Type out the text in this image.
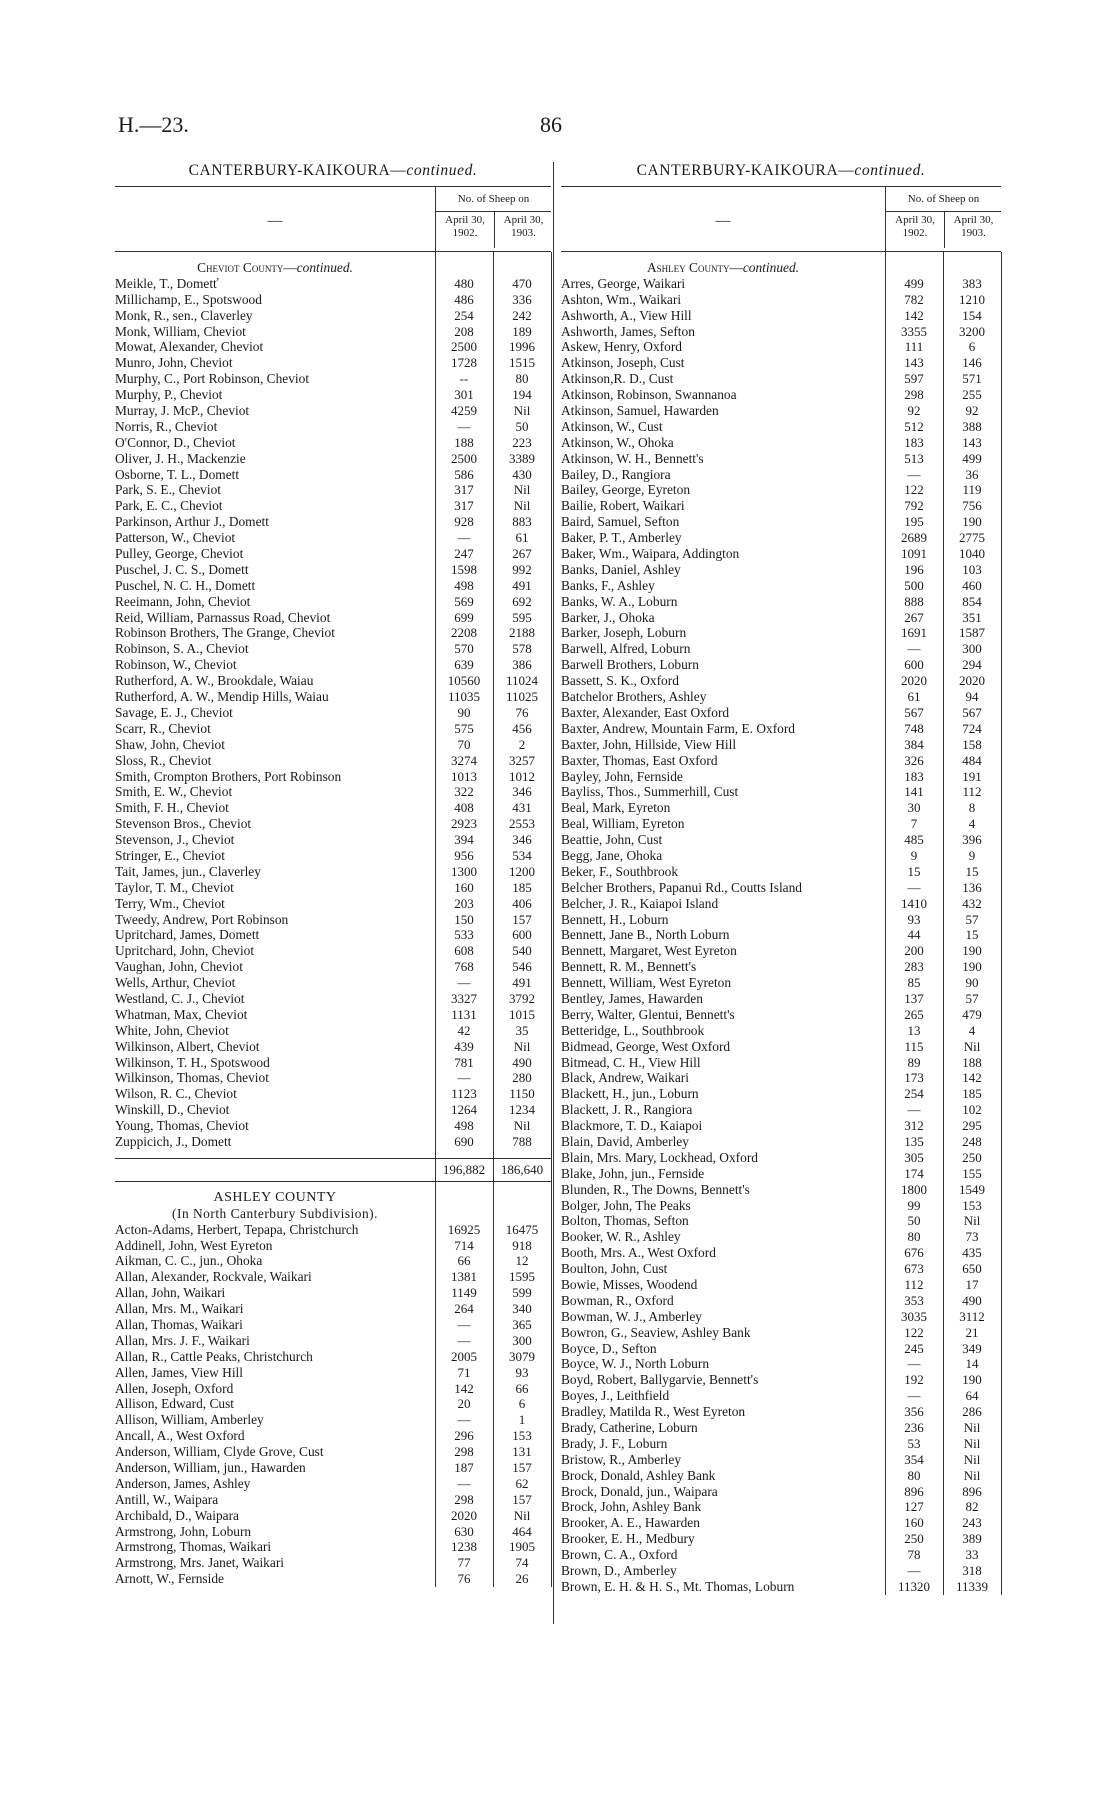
H.—23.	86
CANTERBURY-KAIKOURA—continued.
—
No. of Sheep on
April 30, 1902.
April 30, 1903.
Cheviot County—continued.
Meikle, T., Dometť	480	470
Millichamp, E., Spotswood	486	336
Monk, R., sen., Claverley	254	242
Monk, William, Cheviot	208	189
Mowat, Alexander, Cheviot	2500	1996
Munro, John, Cheviot	1728	1515
Murphy, C., Port Robinson, Cheviot	--	80
Murphy, P., Cheviot	301	194
Murray, J. McP., Cheviot	4259	Nil
Norris, R., Cheviot	—	50
O'Connor, D., Cheviot	188	223
Oliver, J. H., Mackenzie	2500	3389
Osborne, T. L., Domett	586	430
Park, S. E., Cheviot	317	Nil
Park, E. C., Cheviot	317	Nil
Parkinson, Arthur J., Domett	928	883
Patterson, W., Cheviot	—	61
Pulley, George, Cheviot	247	267
Puschel, J. C. S., Domett	1598	992
Puschel, N. C. H., Domett	498	491
Reeimann, John, Cheviot	569	692
Reid, William, Parnassus Road, Cheviot	699	595
Robinson Brothers, The Grange, Cheviot	2208	2188
Robinson, S. A., Cheviot	570	578
Robinson, W., Cheviot	639	386
Rutherford, A. W., Brookdale, Waiau	10560	11024
Rutherford, A. W., Mendip Hills, Waiau	11035	11025
Savage, E. J., Cheviot	90	76
Scarr, R., Cheviot	575	456
Shaw, John, Cheviot	70	2
Sloss, R., Cheviot	3274	3257
Smith, Crompton Brothers, Port Robinson	1013	1012
Smith, E. W., Cheviot	322	346
Smith, F. H., Cheviot	408	431
Stevenson Bros., Cheviot	2923	2553
Stevenson, J., Cheviot	394	346
Stringer, E., Cheviot	956	534
Tait, James, jun., Claverley	1300	1200
Taylor, T. M., Cheviot	160	185
Terry, Wm., Cheviot	203	406
Tweedy, Andrew, Port Robinson	150	157
Upritchard, James, Domett	533	600
Upritchard, John, Cheviot	608	540
Vaughan, John, Cheviot	768	546
Wells, Arthur, Cheviot	—	491
Westland, C. J., Cheviot	3327	3792
Whatman, Max, Cheviot	1131	1015
White, John, Cheviot	42	35
Wilkinson, Albert, Cheviot	439	Nil
Wilkinson, T. H., Spotswood	781	490
Wilkinson, Thomas, Cheviot	—	280
Wilson, R. C., Cheviot	1123	1150
Winskill, D., Cheviot	1264	1234
Young, Thomas, Cheviot	498	Nil
Zuppicich, J., Domett	690	788
196,882	186,640
ASHLEY COUNTY
(In North Canterbury Subdivision).
Acton-Adams, Herbert, Tepapa, Christchurch	16925	16475
Addinell, John, West Eyreton	714	918
Aikman, C. C., jun., Ohoka	66	12
Allan, Alexander, Rockvale, Waikari	1381	1595
Allan, John, Waikari	1149	599
Allan, Mrs. M., Waikari	264	340
Allan, Thomas, Waikari	—	365
Allan, Mrs. J. F., Waikari	—	300
Allan, R., Cattle Peaks, Christchurch	2005	3079
Allen, James, View Hill	71	93
Allen, Joseph, Oxford	142	66
Allison, Edward, Cust	20	6
Allison, William, Amberley	—	1
Ancall, A., West Oxford	296	153
Anderson, William, Clyde Grove, Cust	298	131
Anderson, William, jun., Hawarden	187	157
Anderson, James, Ashley	—	62
Antill, W., Waipara	298	157
Archibald, D., Waipara	2020	Nil
Armstrong, John, Loburn	630	464
Armstrong, Thomas, Waikari	1238	1905
Armstrong, Mrs. Janet, Waikari	77	74
Arnott, W., Fernside	76	26
CANTERBURY-KAIKOURA—continued.
—
No. of Sheep on
April 30, 1902.
April 30, 1903.
Ashley County—continued.
Arres, George, Waikari	499	383
Ashton, Wm., Waikari	782	1210
Ashworth, A., View Hill	142	154
Ashworth, James, Sefton	3355	3200
Askew, Henry, Oxford	111	6
Atkinson, Joseph, Cust	143	146
Atkinson,‌R. D., Cust	597	571
Atkinson, Robinson, Swannanoa	298	255
Atkinson, Samuel, Hawarden	92	92
Atkinson, W., Cust	512	388
Atkinson, W., Ohoka	183	143
Atkinson, W. H., Bennett's	513	499
Bailey, D., Rangiora	—	36
Bailey, George, Eyreton	122	119
Bailie, Robert, Waikari	792	756
Baird, Samuel, Sefton	195	190
Baker, P. T., Amberley	2689	2775
Baker, Wm., Waipara, Addington	1091	1040
Banks, Daniel, Ashley	196	103
Banks, F., Ashley	500	460
Banks, W. A., Loburn	888	854
Barker, J., Ohoka	267	351
Barker, Joseph, Loburn	1691	1587
Barwell, Alfred, Loburn	—	300
Barwell Brothers, Loburn	600	294
Bassett, S. K., Oxford	2020	2020
Batchelor Brothers, Ashley	61	94
Baxter, Alexander, East Oxford	567	567
Baxter, Andrew, Mountain Farm, E. Oxford	748	724
Baxter, John, Hillside, View Hill	384	158
Baxter, Thomas, East Oxford	326	484
Bayley, John, Fernside	183	191
Bayliss, Thos., Summerhill, Cust	141	112
Beal, Mark, Eyreton	30	8
Beal, William, Eyreton	7	4
Beattie, John, Cust	485	396
Begg, Jane, Ohoka	9	9
Beker, F., Southbrook	15	15
Belcher Brothers, Papanui Rd., Coutts Island	—	136
Belcher, J. R., Kaiapoi Island	1410	432
Bennett, H., Loburn	93	57
Bennett, Jane B., North Loburn	44	15
Bennett, Margaret, West Eyreton	200	190
Bennett, R. M., Bennett's	283	190
Bennett, William, West Eyreton	85	90
Bentley, James, Hawarden	137	57
Berry, Walter, Glentui, Bennett's	265	479
Betteridge, L., Southbrook	13	4
Bidmead, George, West Oxford	115	Nil
Bitmead, C. H., View Hill	89	188
Black, Andrew, Waikari	173	142
Blackett, H., jun., Loburn	254	185
Blackett, J. R., Rangiora	—	102
Blackmore, T. D., Kaiapoi	312	295
Blain, David, Amberley	135	248
Blain, Mrs. Mary, Lockhead, Oxford	305	250
Blake, John, jun., Fernside	174	155
Blunden, R., The Downs, Bennett's	1800	1549
Bolger, John, The Peaks	99	153
Bolton, Thomas, Sefton	50	Nil
Booker, W. R., Ashley	80	73
Booth, Mrs. A., West Oxford	676	435
Boulton, John, Cust	673	650
Bowie, Misses, Woodend	112	17
Bowman, R., Oxford	353	490
Bowman, W. J., Amberley	3035	3112
Bowron, G., Seaview, Ashley Bank	122	21
Boyce, D., Sefton	245	349
Boyce, W. J., North Loburn	—	14
Boyd, Robert, Ballygarvie, Bennett's	192	190
Boyes, J., Leithfield	—	64
Bradley, Matilda R., West Eyreton	356	286
Brady, Catherine, Loburn	236	Nil
Brady, J. F., Loburn	53	Nil
Bristow, R., Amberley	354	Nil
Brock, Donald, Ashley Bank	80	Nil
Brock, Donald, jun., Waipara	896	896
Brock, John, Ashley Bank	127	82
Brooker, A. E., Hawarden	160	243
Brooker, E. H., Medbury	250	389
Brown, C. A., Oxford	78	33
Brown, D., Amberley	—	318
Brown, E. H. & H. S., Mt. Thomas, Loburn	11320	11339
